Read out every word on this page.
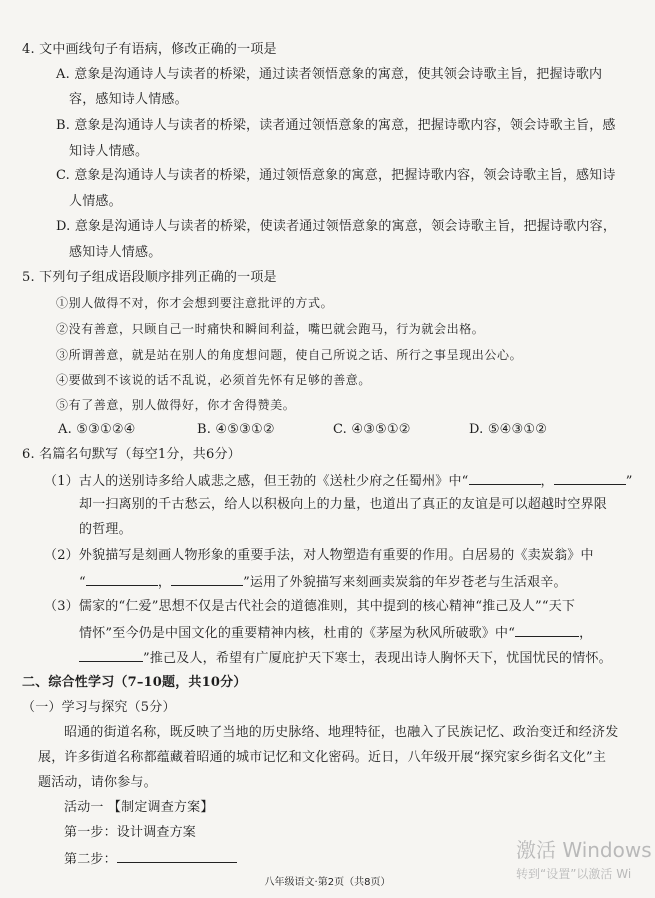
4. 文中画线句子有语病，修改正确的一项是
A. 意象是沟通诗人与读者的桥梁，通过读者领悟意象的寓意，使其领会诗歌主旨，把握诗歌内
容，感知诗人情感。
B. 意象是沟通诗人与读者的桥梁，读者通过领悟意象的寓意，把握诗歌内容，领会诗歌主旨，感
知诗人情感。
C. 意象是沟通诗人与读者的桥梁，通过领悟意象的寓意，把握诗歌内容，领会诗歌主旨，感知诗
人情感。
D. 意象是沟通诗人与读者的桥梁，使读者通过领悟意象的寓意，领会诗歌主旨，把握诗歌内容，
感知诗人情感。
5. 下列句子组成语段顺序排列正确的一项是
①别人做得不对，你才会想到要注意批评的方式。
②没有善意，只顾自己一时痛快和瞬间利益，嘴巴就会跑马，行为就会出格。
③所谓善意，就是站在别人的角度想问题，使自己所说之话、所行之事呈现出公心。
④要做到不该说的话不乱说，必须首先怀有足够的善意。
⑤有了善意，别人做得好，你才舍得赞美。
A. ⑤③①②④	B. ④⑤③①②	C. ④③⑤①②	D. ⑤④③①②
6. 名篇名句默写（每空1分，共6分）
（1）古人的送别诗多给人戚悲之感，但王勃的《送杜少府之任蜀州》中“	，	”
却一扫离别的千古愁云，给人以积极向上的力量，也道出了真正的友谊是可以超越时空界限
的哲理。
（2）外貌描写是刻画人物形象的重要手法，对人物塑造有重要的作用。白居易的《卖炭翁》中
“	，	”运用了外貌描写来刻画卖炭翁的年岁苍老与生活艰辛。
（3）儒家的“仁爱”思想不仅是古代社会的道德准则，其中提到的核心精神“推己及人”“天下
情怀”至今仍是中国文化的重要精神内核，杜甫的《茅屋为秋风所破歌》中“	，
”推己及人，希望有广厦庇护天下寒士，表现出诗人胸怀天下，忧国忧民的情怀。
二、综合性学习（7–10题，共10分）
（一）学习与探究（5分）
昭通的街道名称，既反映了当地的历史脉络、地理特征，也融入了民族记忆、政治变迁和经济发
展，许多街道名称都蕴藏着昭通的城市记忆和文化密码。近日，八年级开展“探究家乡街名文化”主
题活动，请你参与。
活动一 【制定调查方案】
第一步：设计调查方案
第二步：
八年级语文·第2页（共8页）
激活 Windows
转到“设置”以激活 Wi
